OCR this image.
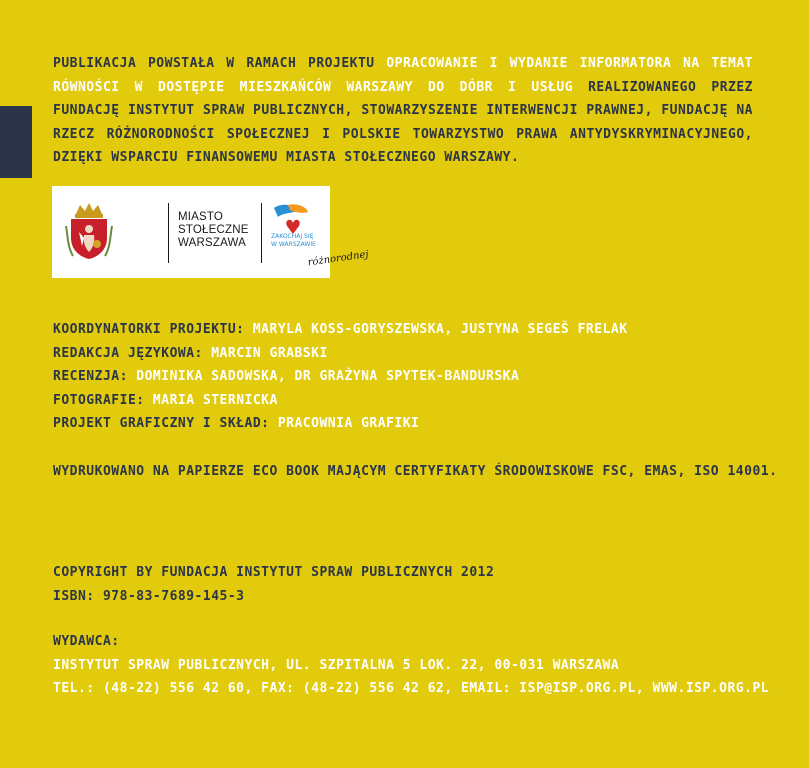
PUBLIKACJA POWSTAŁA W RAMACH PROJEKTU OPRACOWANIE I WYDANIE INFORMATORA NA TEMAT RÓWNOŚCI W DOSTĘPIE MIESZKAŃCÓW WARSZAWY DO DÓBR I USŁUG REALIZOWANEGO PRZEZ FUNDACJĘ INSTYTUT SPRAW PUBLICZNYCH, STOWARZYSZENIE INTERWENCJI PRAWNEJ, FUNDACJĘ NA RZECZ RÓŻNORODNOŚCI SPOŁECZNEJ I POLSKIE TOWARZYSTWO PRAWA ANTYDYSKRYMINACYJNEGO, DZIĘKI WSPARCIU FINANSOWEMU MIASTA STOŁECZNEGO WARSZAWY.
MIASTO
STOŁECZNE
WARSZAWA
ZAKOCHAJ SIĘ
W WARSZAWIE
różnorodnej
KOORDYNATORKI PROJEKTU: MARYLA KOSS-GORYSZEWSKA, JUSTYNA SEGEŠ FRELAK
REDAKCJA JĘZYKOWA: MARCIN GRABSKI
RECENZJA: DOMINIKA SADOWSKA, DR GRAŻYNA SPYTEK-BANDURSKA
FOTOGRAFIE: MARIA STERNICKA
PROJEKT GRAFICZNY I SKŁAD: PRACOWNIA GRAFIKI
WYDRUKOWANO NA PAPIERZE ECO BOOK MAJĄCYM CERTYFIKATY ŚRODOWISKOWE FSC, EMAS, ISO 14001.
COPYRIGHT BY FUNDACJA INSTYTUT SPRAW PUBLICZNYCH 2012
ISBN: 978-83-7689-145-3
WYDAWCA:
INSTYTUT SPRAW PUBLICZNYCH, UL. SZPITALNA 5 LOK. 22, 00-031 WARSZAWA
TEL.: (48-22) 556 42 60, FAX: (48-22) 556 42 62, EMAIL: ISP@ISP.ORG.PL, WWW.ISP.ORG.PL
